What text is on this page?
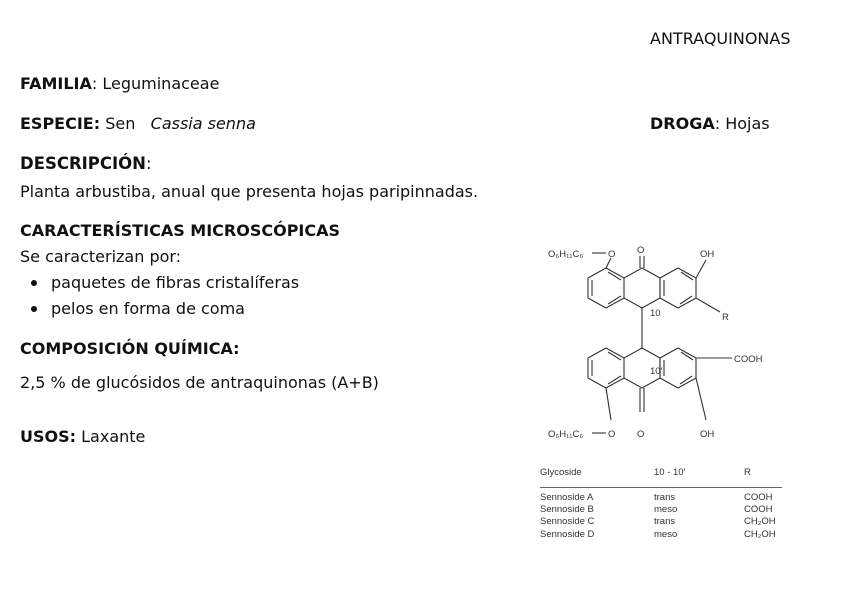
ANTRAQUINONAS
FAMILIA: Leguminaceae
ESPECIE: Sen Cassia senna	DROGA: Hojas
DESCRIPCIÓN:
Planta arbustiba, anual que presenta hojas paripinnadas.
CARACTERÍSTICAS MICROSCÓPICAS
Se caracterizan por:
paquetes de fibras cristalíferas
pelos en forma de coma
COMPOSICIÓN QUÍMICA:
2,5 % de glucósidos de antraquinonas (A+B)
USOS: Laxante
O₆H₁₁C₆	O O	OH
10	R
10′
COOH
O₆H₁₁C₆	O O	OH
Glycoside	10 - 10′	R
Sennoside A	trans	COOH
Sennoside B	meso	COOH
Sennoside C	trans	CH₂OH
Sennoside D	meso	CH₂OH
